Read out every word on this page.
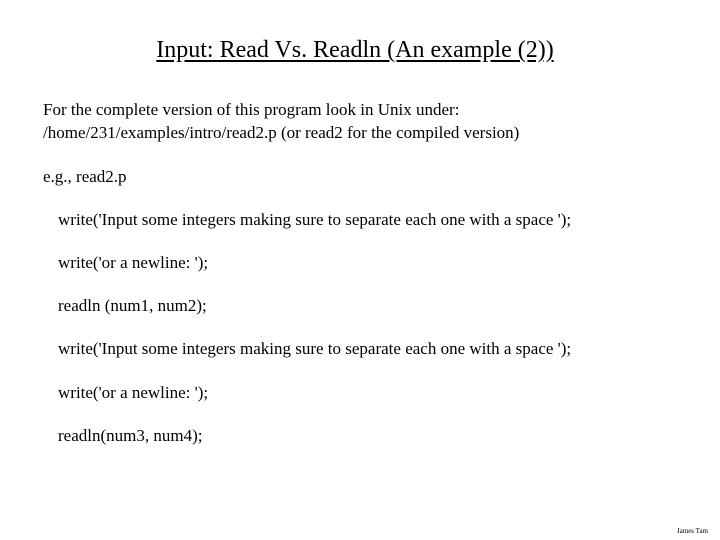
Input: Read Vs. Readln (An example (2))
For the complete version of this program look in Unix under:
/home/231/examples/intro/read2.p (or read2 for the compiled version)
e.g., read2.p
write('Input some integers making sure to separate each one with a space ');
write('or a newline: ');
readln (num1, num2);
write('Input some integers making sure to separate each one with a space ');
write('or a newline: ');
readln(num3, num4);
James Tam
